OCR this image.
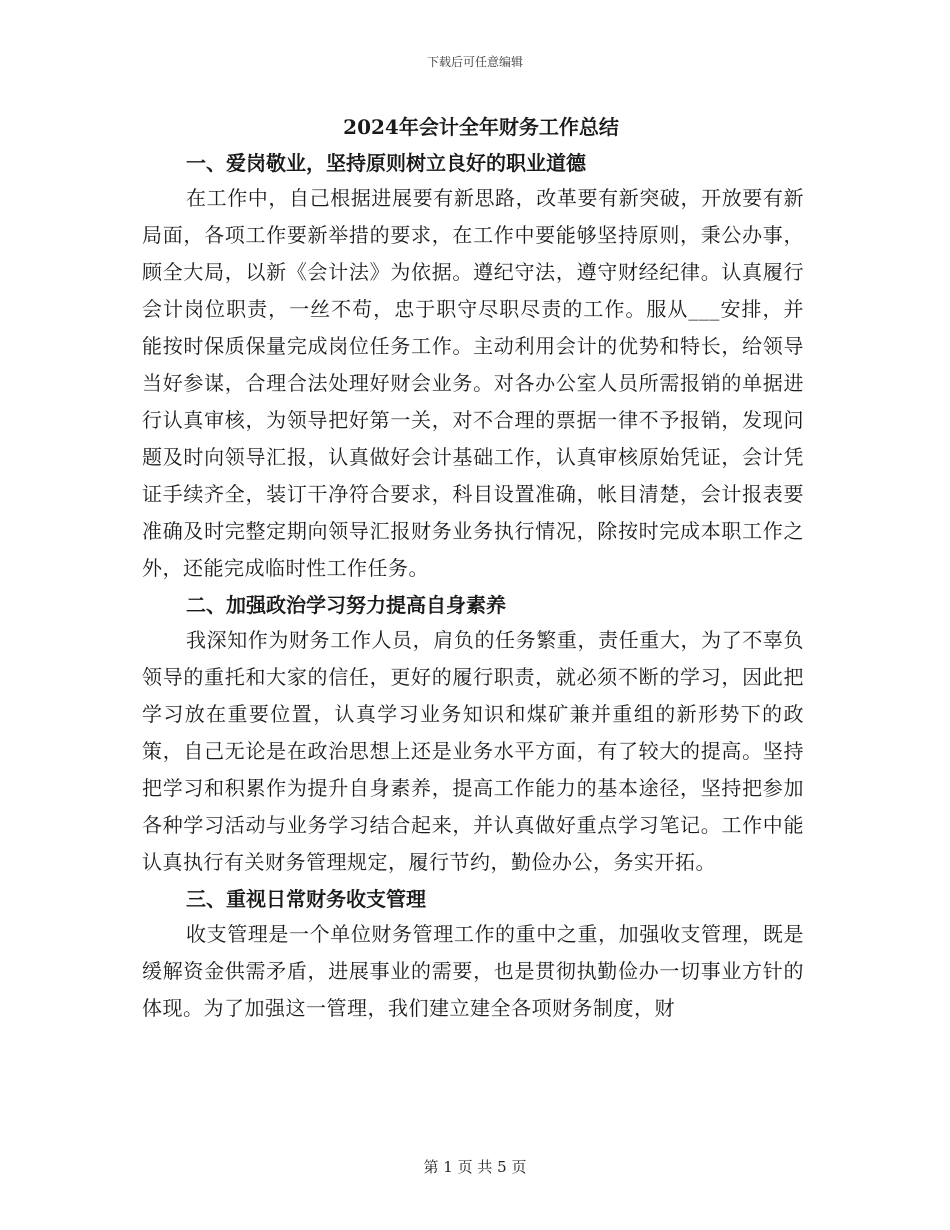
下载后可任意编辑
2024年会计全年财务工作总结
一、爱岗敬业，坚持原则树立良好的职业道德

在工作中，自己根据进展要有新思路，改革要有新突破，开放要有新局面，各项工作要新举措的要求，在工作中要能够坚持原则，秉公办事，顾全大局，以新《会计法》为依据。遵纪守法，遵守财经纪律。认真履行会计岗位职责，一丝不苟，忠于职守尽职尽责的工作。服从___安排，并能按时保质保量完成岗位任务工作。主动利用会计的优势和特长，给领导当好参谋，合理合法处理好财会业务。对各办公室人员所需报销的单据进行认真审核，为领导把好第一关，对不合理的票据一律不予报销，发现问题及时向领导汇报，认真做好会计基础工作，认真审核原始凭证，会计凭证手续齐全，装订干净符合要求，科目设置准确，帐目清楚，会计报表要准确及时完整定期向领导汇报财务业务执行情况，除按时完成本职工作之外，还能完成临时性工作任务。

二、加强政治学习努力提高自身素养

我深知作为财务工作人员，肩负的任务繁重，责任重大，为了不辜负领导的重托和大家的信任，更好的履行职责，就必须不断的学习，因此把学习放在重要位置，认真学习业务知识和煤矿兼并重组的新形势下的政策，自己无论是在政治思想上还是业务水平方面，有了较大的提高。坚持把学习和积累作为提升自身素养，提高工作能力的基本途径，坚持把参加各种学习活动与业务学习结合起来，并认真做好重点学习笔记。工作中能认真执行有关财务管理规定，履行节约，勤俭办公，务实开拓。

三、重视日常财务收支管理

收支管理是一个单位财务管理工作的重中之重，加强收支管理，既是缓解资金供需矛盾，进展事业的需要，也是贯彻执勤俭办一切事业方针的体现。为了加强这一管理，我们建立建全各项财务制度，财

第 1 页 共 5 页
